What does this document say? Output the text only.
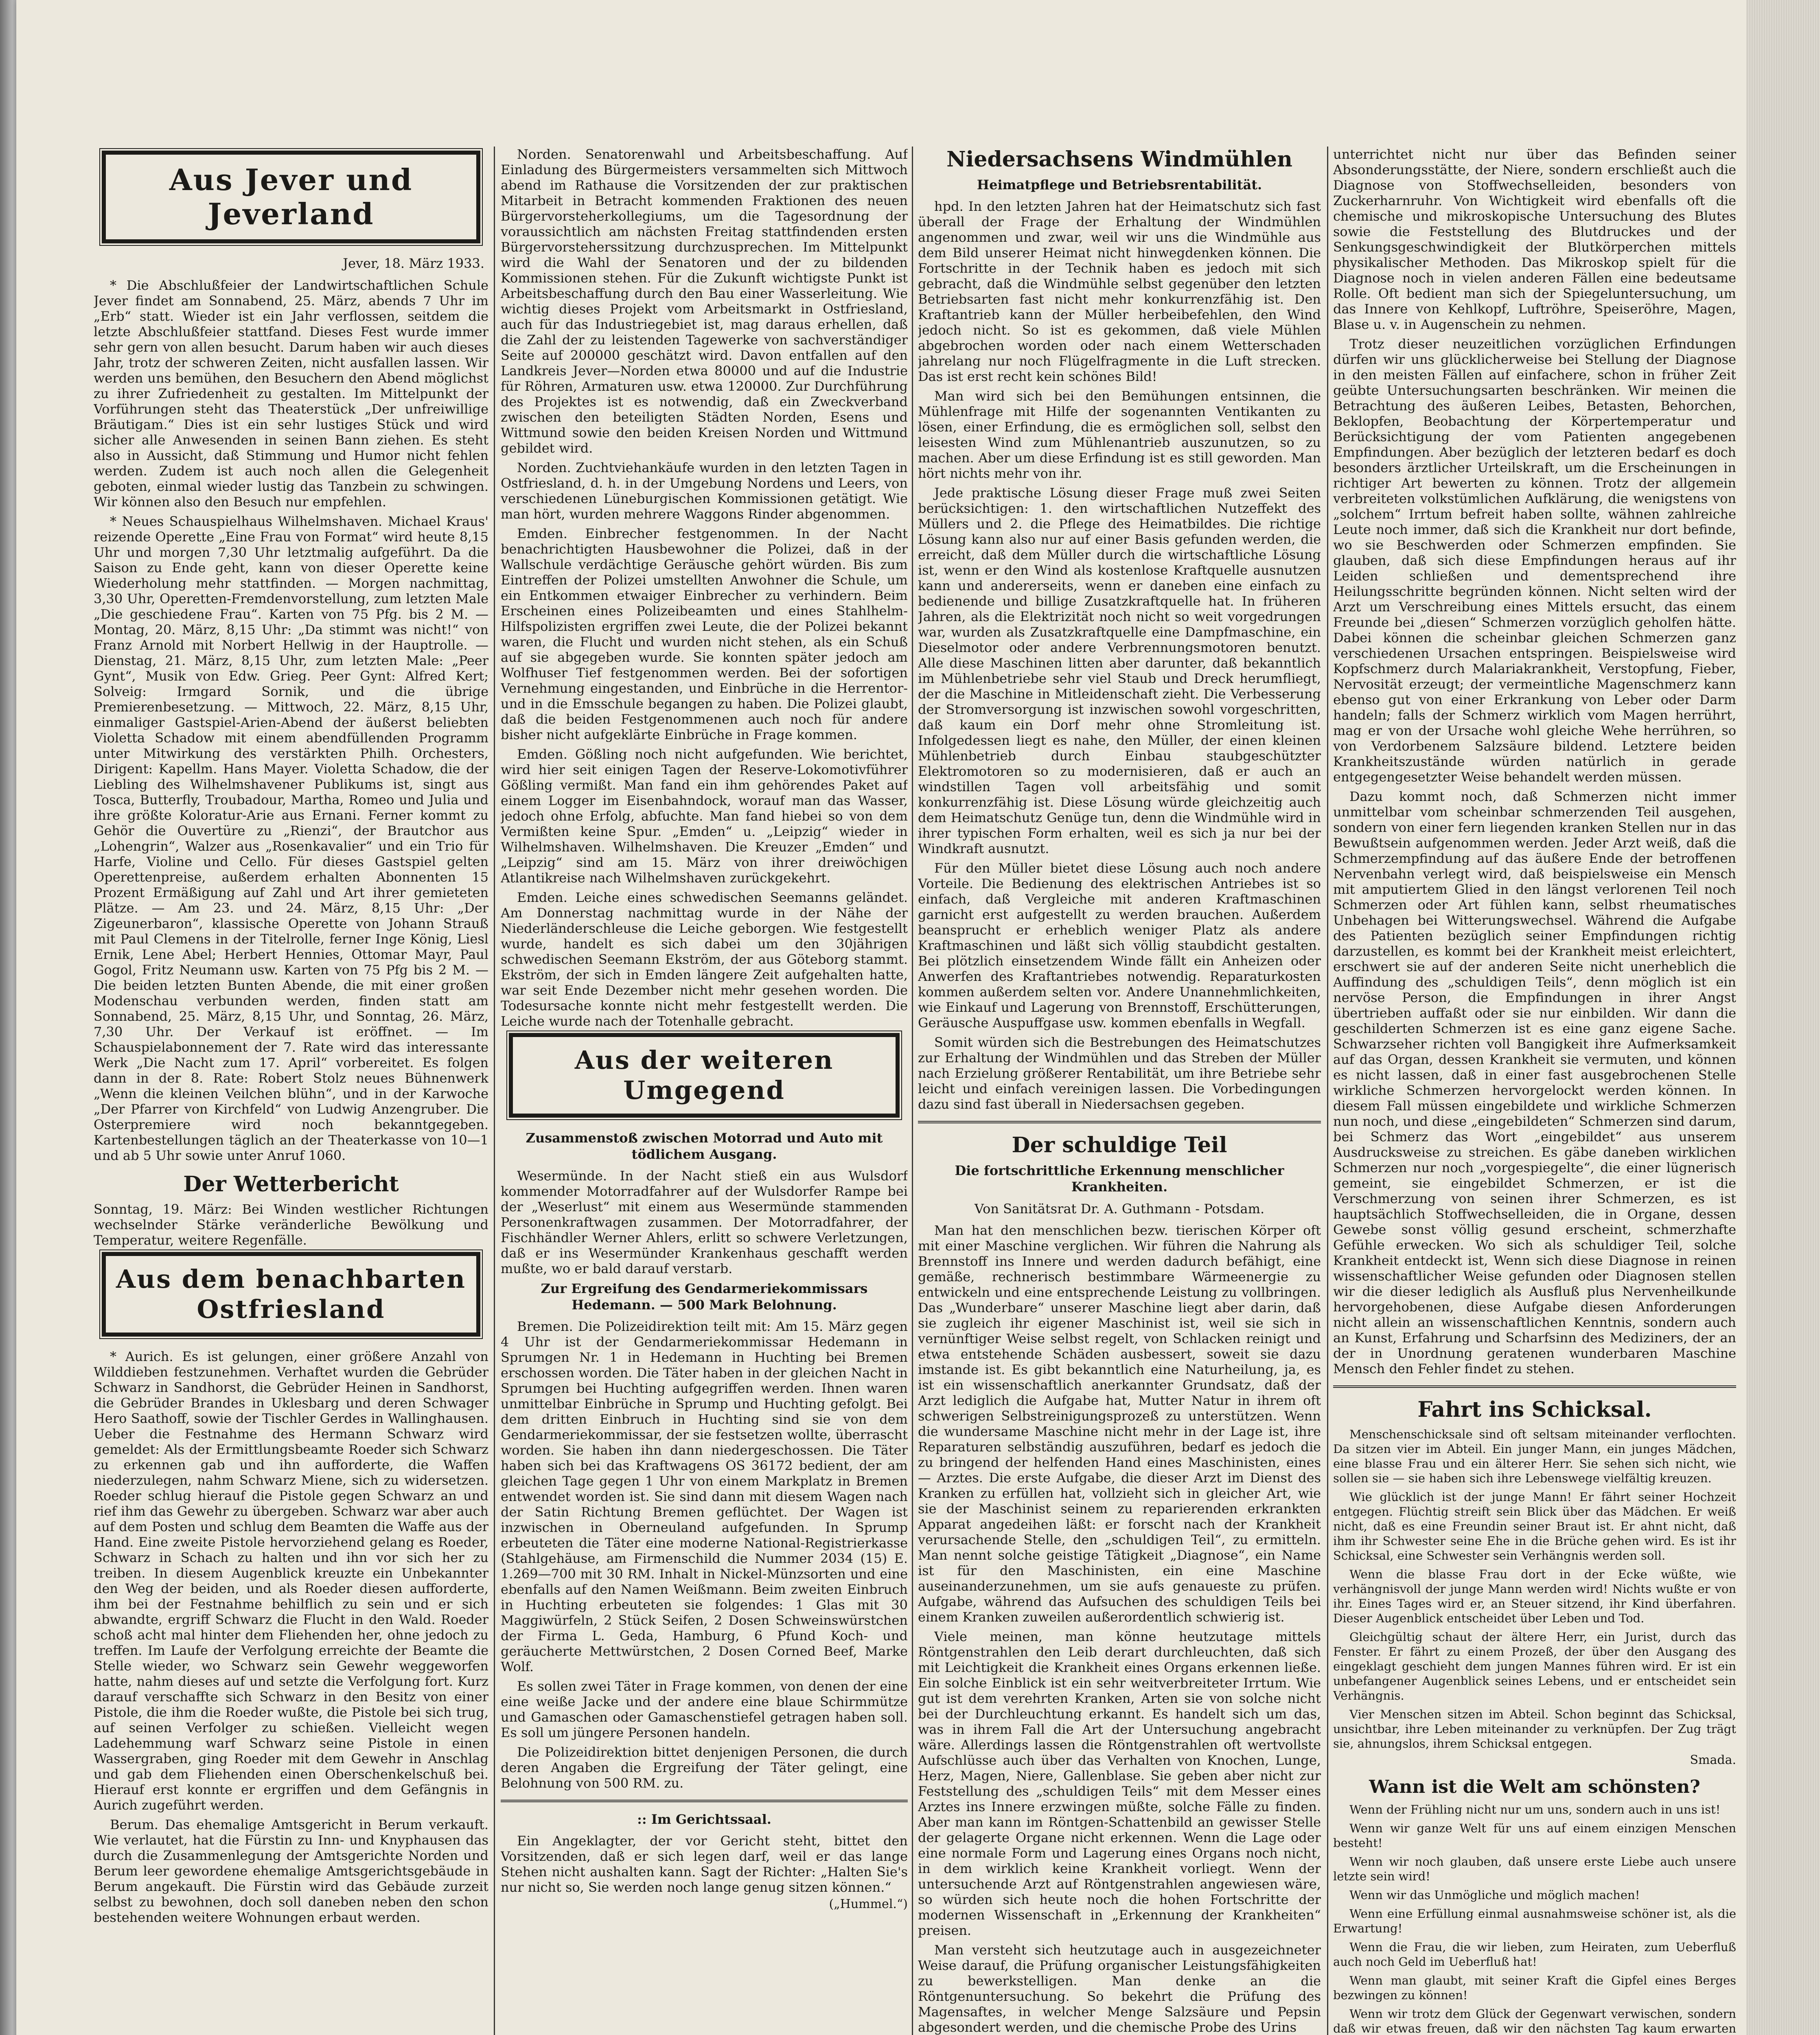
Aus Jever und Jeverland
Jever, 18. März 1933.

* Die Abschlußfeier der Landwirtschaftlichen Schule Jever findet am Sonnabend, 25. März, abends 7 Uhr im „Erb“ statt. Wieder ist ein Jahr verflossen, seitdem die letzte Abschlußfeier stattfand. Dieses Fest wurde immer sehr gern von allen besucht. Darum haben wir auch dieses Jahr, trotz der schweren Zeiten, nicht ausfallen lassen. Wir werden uns bemühen, den Besuchern den Abend möglichst zu ihrer Zufriedenheit zu gestalten. Im Mittelpunkt der Vorführungen steht das Theaterstück „Der unfreiwillige Bräutigam.“ Dies ist ein sehr lustiges Stück und wird sicher alle Anwesenden in seinen Bann ziehen. Es steht also in Aussicht, daß Stimmung und Humor nicht fehlen werden. Zudem ist auch noch allen die Gelegenheit geboten, einmal wieder lustig das Tanzbein zu schwingen. Wir können also den Besuch nur empfehlen.

* Neues Schauspielhaus Wilhelmshaven. Michael Kraus' reizende Operette „Eine Frau von Format“ wird heute 8,15 Uhr und morgen 7,30 Uhr letztmalig aufgeführt. Da die Saison zu Ende geht, kann von dieser Operette keine Wiederholung mehr stattfinden. — Morgen nachmittag, 3,30 Uhr, Operetten-Fremdenvorstellung, zum letzten Male „Die geschiedene Frau“. Karten von 75 Pfg. bis 2 M. — Montag, 20. März, 8,15 Uhr: „Da stimmt was nicht!“ von Franz Arnold mit Norbert Hellwig in der Hauptrolle. — Dienstag, 21. März, 8,15 Uhr, zum letzten Male: „Peer Gynt“, Musik von Edw. Grieg. Peer Gynt: Alfred Kert; Solveig: Irmgard Sornik, und die übrige Premierenbesetzung. — Mittwoch, 22. März, 8,15 Uhr, einmaliger Gastspiel-Arien-Abend der äußerst beliebten Violetta Schadow mit einem abendfüllenden Programm unter Mitwirkung des verstärkten Philh. Orchesters, Dirigent: Kapellm. Hans Mayer. Violetta Schadow, die der Liebling des Wilhelmshavener Publikums ist, singt aus Tosca, Butterfly, Troubadour, Martha, Romeo und Julia und ihre größte Koloratur-Arie aus Ernani. Ferner kommt zu Gehör die Ouvertüre zu „Rienzi“, der Brautchor aus „Lohengrin“, Walzer aus „Rosenkavalier“ und ein Trio für Harfe, Violine und Cello. Für dieses Gastspiel gelten Operettenpreise, außerdem erhalten Abonnenten 15 Prozent Ermäßigung auf Zahl und Art ihrer gemieteten Plätze. — Am 23. und 24. März, 8,15 Uhr: „Der Zigeunerbaron“, klassische Operette von Johann Strauß mit Paul Clemens in der Titelrolle, ferner Inge König, Liesl Ernik, Lene Abel; Herbert Hennies, Ottomar Mayr, Paul Gogol, Fritz Neumann usw. Karten von 75 Pfg bis 2 M. — Die beiden letzten Bunten Abende, die mit einer großen Modenschau verbunden werden, finden statt am Sonnabend, 25. März, 8,15 Uhr, und Sonntag, 26. März, 7,30 Uhr. Der Verkauf ist eröffnet. — Im Schauspielabonnement der 7. Rate wird das interessante Werk „Die Nacht zum 17. April“ vorbereitet. Es folgen dann in der 8. Rate: Robert Stolz neues Bühnenwerk „Wenn die kleinen Veilchen blühn“, und in der Karwoche „Der Pfarrer von Kirchfeld“ von Ludwig Anzengruber. Die Osterpremiere wird noch bekanntgegeben. Kartenbestellungen täglich an der Theaterkasse von 10—1 und ab 5 Uhr sowie unter Anruf 1060.

Der Wetterbericht

Sonntag, 19. März: Bei Winden westlicher Richtungen wechselnder Stärke veränderliche Bewölkung und Temperatur, weitere Regenfälle.

Aus dem benachbarten Ostfriesland

* Aurich. Es ist gelungen, einer größere Anzahl von Wilddieben festzunehmen. Verhaftet wurden die Gebrüder Schwarz in Sandhorst, die Gebrüder Heinen in Sandhorst, die Gebrüder Brandes in Uklesbarg und deren Schwager Hero Saathoff, sowie der Tischler Gerdes in Wallinghausen. Ueber die Festnahme des Hermann Schwarz wird gemeldet: Als der Ermittlungsbeamte Roeder sich Schwarz zu erkennen gab und ihn aufforderte, die Waffen niederzulegen, nahm Schwarz Miene, sich zu widersetzen. Roeder schlug hierauf die Pistole gegen Schwarz an und rief ihm das Gewehr zu übergeben. Schwarz war aber auch auf dem Posten und schlug dem Beamten die Waffe aus der Hand. Eine zweite Pistole hervorziehend gelang es Roeder, Schwarz in Schach zu halten und ihn vor sich her zu treiben. In diesem Augenblick kreuzte ein Unbekannter den Weg der beiden, und als Roeder diesen aufforderte, ihm bei der Festnahme behilflich zu sein und er sich abwandte, ergriff Schwarz die Flucht in den Wald. Roeder schoß acht mal hinter dem Fliehenden her, ohne jedoch zu treffen. Im Laufe der Verfolgung erreichte der Beamte die Stelle wieder, wo Schwarz sein Gewehr weggeworfen hatte, nahm dieses auf und setzte die Verfolgung fort. Kurz darauf verschaffte sich Schwarz in den Besitz von einer Pistole, die ihm die Roeder wußte, die Pistole bei sich trug, auf seinen Verfolger zu schießen. Vielleicht wegen Ladehemmung warf Schwarz seine Pistole in einen Wassergraben, ging Roeder mit dem Gewehr in Anschlag und gab dem Fliehenden einen Oberschenkelschuß bei. Hierauf erst konnte er ergriffen und dem Gefängnis in Aurich zugeführt werden.

Berum. Das ehemalige Amtsgericht in Berum verkauft. Wie verlautet, hat die Fürstin zu Inn- und Knyphausen das durch die Zusammenlegung der Amtsgerichte Norden und Berum leer gewordene ehemalige Amtsgerichtsgebäude in Berum angekauft. Die Fürstin wird das Gebäude zurzeit selbst zu bewohnen, doch soll daneben neben den schon bestehenden weitere Wohnungen erbaut werden.

Norden. Senatorenwahl und Arbeitsbeschaffung. Auf Einladung des Bürgermeisters versammelten sich Mittwoch abend im Rathause die Vorsitzenden der zur praktischen Mitarbeit in Betracht kommenden Fraktionen des neuen Bürgervorsteherkollegiums, um die Tagesordnung der voraussichtlich am nächsten Freitag stattfindenden ersten Bürgervorsteherssitzung durchzusprechen. Im Mittelpunkt wird die Wahl der Senatoren und der zu bildenden Kommissionen stehen. Für die Zukunft wichtigste Punkt ist Arbeitsbeschaffung durch den Bau einer Wasserleitung. Wie wichtig dieses Projekt vom Arbeitsmarkt in Ostfriesland, auch für das Industriegebiet ist, mag daraus erhellen, daß die Zahl der zu leistenden Tagewerke von sachverständiger Seite auf 200000 geschätzt wird. Davon entfallen auf den Landkreis Jever—Norden etwa 80000 und auf die Industrie für Röhren, Armaturen usw. etwa 120000. Zur Durchführung des Projektes ist es notwendig, daß ein Zweckverband zwischen den beteiligten Städten Norden, Esens und Wittmund sowie den beiden Kreisen Norden und Wittmund gebildet wird.

Norden. Zuchtviehankäufe wurden in den letzten Tagen in Ostfriesland, d. h. in der Umgebung Nordens und Leers, von verschiedenen Lüneburgischen Kommissionen getätigt. Wie man hört, wurden mehrere Waggons Rinder abgenommen.

Emden. Einbrecher festgenommen. In der Nacht benachrichtigten Hausbewohner die Polizei, daß in der Wallschule verdächtige Geräusche gehört würden. Bis zum Eintreffen der Polizei umstellten Anwohner die Schule, um ein Entkommen etwaiger Einbrecher zu verhindern. Beim Erscheinen eines Polizeibeamten und eines Stahlhelm-Hilfspolizisten ergriffen zwei Leute, die der Polizei bekannt waren, die Flucht und wurden nicht stehen, als ein Schuß auf sie abgegeben wurde. Sie konnten später jedoch am Wolfhuser Tief festgenommen werden. Bei der sofortigen Vernehmung eingestanden, und Einbrüche in die Herrentor- und in die Emsschule begangen zu haben. Die Polizei glaubt, daß die beiden Festgenommenen auch noch für andere bisher nicht aufgeklärte Einbrüche in Frage kommen.

Emden. Gößling noch nicht aufgefunden. Wie berichtet, wird hier seit einigen Tagen der Reserve-Lokomotivführer Gößling vermißt. Man fand ein ihm gehörendes Paket auf einem Logger im Eisenbahndock, worauf man das Wasser, jedoch ohne Erfolg, abfuchte. Man fand hiebei so von dem Vermißten keine Spur. „Emden“ u. „Leipzig“ wieder in Wilhelmshaven. Wilhelmshaven. Die Kreuzer „Emden“ und „Leipzig“ sind am 15. März von ihrer dreiwöchigen Atlantikreise nach Wilhelmshaven zurückgekehrt.

Emden. Leiche eines schwedischen Seemanns geländet. Am Donnerstag nachmittag wurde in der Nähe der Niederländerschleuse die Leiche geborgen. Wie festgestellt wurde, handelt es sich dabei um den 30jährigen schwedischen Seemann Ekström, der aus Göteborg stammt. Ekström, der sich in Emden längere Zeit aufgehalten hatte, war seit Ende Dezember nicht mehr gesehen worden. Die Todesursache konnte nicht mehr festgestellt werden. Die Leiche wurde nach der Totenhalle gebracht.

Aus der weiteren Umgegend
Zusammenstoß zwischen Motorrad und Auto mit tödlichem Ausgang.

Wesermünde. In der Nacht stieß ein aus Wulsdorf kommender Motorradfahrer auf der Wulsdorfer Rampe bei der „Weserlust“ mit einem aus Wesermünde stammenden Personenkraftwagen zusammen. Der Motorradfahrer, der Fischhändler Werner Ahlers, erlitt so schwere Verletzungen, daß er ins Wesermünder Krankenhaus geschafft werden mußte, wo er bald darauf verstarb.

Zur Ergreifung des Gendarmeriekommissars Hedemann. — 500 Mark Belohnung.

Bremen. Die Polizeidirektion teilt mit: Am 15. März gegen 4 Uhr ist der Gendarmeriekommissar Hedemann in Sprumgen Nr. 1 in Hedemann in Huchting bei Bremen erschossen worden. Die Täter haben in der gleichen Nacht in Sprumgen bei Huchting aufgegriffen werden. Ihnen waren unmittelbar Einbrüche in Sprump und Huchting gefolgt. Bei dem dritten Einbruch in Huchting sind sie von dem Gendarmeriekommissar, der sie festsetzen wollte, überrascht worden. Sie haben ihn dann niedergeschossen. Die Täter haben sich bei das Kraftwagens OS 36172 bedient, der am gleichen Tage gegen 1 Uhr von einem Markplatz in Bremen entwendet worden ist. Sie sind dann mit diesem Wagen nach der Satin Richtung Bremen geflüchtet. Der Wagen ist inzwischen in Oberneuland aufgefunden. In Sprump erbeuteten die Täter eine moderne National-Registrierkasse (Stahlgehäuse, am Firmenschild die Nummer 2034 (15) E. 1.269—700 mit 30 RM. Inhalt in Nickel-Münzsorten und eine ebenfalls auf den Namen Weißmann. Beim zweiten Einbruch in Huchting erbeuteten sie folgendes: 1 Glas mit 30 Maggiwürfeln, 2 Stück Seifen, 2 Dosen Schweinswürstchen der Firma L. Geda, Hamburg, 6 Pfund Koch- und geräucherte Mettwürstchen, 2 Dosen Corned Beef, Marke Wolf.

Es sollen zwei Täter in Frage kommen, von denen der eine eine weiße Jacke und der andere eine blaue Schirmmütze und Gamaschen oder Gamaschenstiefel getragen haben soll. Es soll um jüngere Personen handeln.

Die Polizeidirektion bittet denjenigen Personen, die durch deren Angaben die Ergreifung der Täter gelingt, eine Belohnung von 500 RM. zu.

:: Im Gerichtssaal.

Ein Angeklagter, der vor Gericht steht, bittet den Vorsitzenden, daß er sich legen darf, weil er das lange Stehen nicht aushalten kann. Sagt der Richter: „Halten Sie's nur nicht so, Sie werden noch lange genug sitzen können.“

(„Hummel.“)
Niedersachsens Windmühlen
Heimatpflege und Betriebsrentabilität.

hpd. In den letzten Jahren hat der Heimatschutz sich fast überall der Frage der Erhaltung der Windmühlen angenommen und zwar, weil wir uns die Windmühle aus dem Bild unserer Heimat nicht hinwegdenken können. Die Fortschritte in der Technik haben es jedoch mit sich gebracht, daß die Windmühle selbst gegenüber den letzten Betriebsarten fast nicht mehr konkurrenzfähig ist. Den Kraftantrieb kann der Müller herbeibefehlen, den Wind jedoch nicht. So ist es gekommen, daß viele Mühlen abgebrochen worden oder nach einem Wetterschaden jahrelang nur noch Flügelfragmente in die Luft strecken. Das ist erst recht kein schönes Bild!

Man wird sich bei den Bemühungen entsinnen, die Mühlenfrage mit Hilfe der sogenannten Ventikanten zu lösen, einer Erfindung, die es ermöglichen soll, selbst den leisesten Wind zum Mühlenantrieb auszunutzen, so zu machen. Aber um diese Erfindung ist es still geworden. Man hört nichts mehr von ihr.

Jede praktische Lösung dieser Frage muß zwei Seiten berücksichtigen: 1. den wirtschaftlichen Nutzeffekt des Müllers und 2. die Pflege des Heimatbildes. Die richtige Lösung kann also nur auf einer Basis gefunden werden, die erreicht, daß dem Müller durch die wirtschaftliche Lösung ist, wenn er den Wind als kostenlose Kraftquelle ausnutzen kann und andererseits, wenn er daneben eine einfach zu bedienende und billige Zusatzkraftquelle hat. In früheren Jahren, als die Elektrizität noch nicht so weit vorgedrungen war, wurden als Zusatzkraftquelle eine Dampfmaschine, ein Dieselmotor oder andere Verbrennungsmotoren benutzt. Alle diese Maschinen litten aber darunter, daß bekanntlich im Mühlenbetriebe sehr viel Staub und Dreck herumfliegt, der die Maschine in Mitleidenschaft zieht. Die Verbesserung der Stromversorgung ist inzwischen sowohl vorgeschritten, daß kaum ein Dorf mehr ohne Stromleitung ist. Infolgedessen liegt es nahe, den Müller, der einen kleinen Mühlenbetrieb durch Einbau staubgeschützter Elektromotoren so zu modernisieren, daß er auch an windstillen Tagen voll arbeitsfähig und somit konkurrenzfähig ist. Diese Lösung würde gleichzeitig auch dem Heimatschutz Genüge tun, denn die Windmühle wird in ihrer typischen Form erhalten, weil es sich ja nur bei der Windkraft ausnutzt.

Für den Müller bietet diese Lösung auch noch andere Vorteile. Die Bedienung des elektrischen Antriebes ist so einfach, daß Vergleiche mit anderen Kraftmaschinen garnicht erst aufgestellt zu werden brauchen. Außerdem beansprucht er erheblich weniger Platz als andere Kraftmaschinen und läßt sich völlig staubdicht gestalten. Bei plötzlich einsetzendem Winde fällt ein Anheizen oder Anwerfen des Kraftantriebes notwendig. Reparaturkosten kommen außerdem selten vor. Andere Unannehmlichkeiten, wie Einkauf und Lagerung von Brennstoff, Erschütterungen, Geräusche Auspuffgase usw. kommen ebenfalls in Wegfall.

Somit würden sich die Bestrebungen des Heimatschutzes zur Erhaltung der Windmühlen und das Streben der Müller nach Erzielung größerer Rentabilität, um ihre Betriebe sehr leicht und einfach vereinigen lassen. Die Vorbedingungen dazu sind fast überall in Niedersachsen gegeben.

Der schuldige Teil
Die fortschrittliche Erkennung menschlicher Krankheiten.
Von Sanitätsrat Dr. A. Guthmann - Potsdam.

Man hat den menschlichen bezw. tierischen Körper oft mit einer Maschine verglichen. Wir führen die Nahrung als Brennstoff ins Innere und werden dadurch befähigt, eine gemäße, rechnerisch bestimmbare Wärmeenergie zu entwickeln und eine entsprechende Leistung zu vollbringen. Das „Wunderbare“ unserer Maschine liegt aber darin, daß sie zugleich ihr eigener Maschinist ist, weil sie sich in vernünftiger Weise selbst regelt, von Schlacken reinigt und etwa entstehende Schäden ausbessert, soweit sie dazu imstande ist. Es gibt bekanntlich eine Naturheilung, ja, es ist ein wissenschaftlich anerkannter Grundsatz, daß der Arzt lediglich die Aufgabe hat, Mutter Natur in ihrem oft schwerigen Selbstreinigungsprozeß zu unterstützen. Wenn die wundersame Maschine nicht mehr in der Lage ist, ihre Reparaturen selbständig auszuführen, bedarf es jedoch die zu bringend der helfenden Hand eines Maschinisten, eines — Arztes. Die erste Aufgabe, die dieser Arzt im Dienst des Kranken zu erfüllen hat, vollzieht sich in gleicher Art, wie sie der Maschinist seinem zu reparierenden erkrankten Apparat angedeihen läßt: er forscht nach der Krankheit verursachende Stelle, den „schuldigen Teil“, zu ermitteln. Man nennt solche geistige Tätigkeit „Diagnose“, ein Name ist für den Maschinisten, ein eine Maschine auseinanderzunehmen, um sie aufs genaueste zu prüfen. Aufgabe, während das Aufsuchen des schuldigen Teils bei einem Kranken zuweilen außerordentlich schwierig ist.

Viele meinen, man könne heutzutage mittels Röntgenstrahlen den Leib derart durchleuchten, daß sich mit Leichtigkeit die Krankheit eines Organs erkennen ließe. Ein solche Einblick ist ein sehr weitverbreiteter Irrtum. Wie gut ist dem verehrten Kranken, Arten sie von solche nicht bei der Durchleuchtung erkannt. Es handelt sich um das, was in ihrem Fall die Art der Untersuchung angebracht wäre. Allerdings lassen die Röntgenstrahlen oft wertvollste Aufschlüsse auch über das Verhalten von Knochen, Lunge, Herz, Magen, Niere, Gallenblase. Sie geben aber nicht zur Feststellung des „schuldigen Teils“ mit dem Messer eines Arztes ins Innere erzwingen müßte, solche Fälle zu finden. Aber man kann im Röntgen-Schattenbild an gewisser Stelle der gelagerte Organe nicht erkennen. Wenn die Lage oder eine normale Form und Lagerung eines Organs noch nicht, in dem wirklich keine Krankheit vorliegt. Wenn der untersuchende Arzt auf Röntgenstrahlen angewiesen wäre, so würden sich heute noch die hohen Fortschritte der modernen Wissenschaft in „Erkennung der Krankheiten“ preisen.

Man versteht sich heutzutage auch in ausgezeichneter Weise darauf, die Prüfung organischer Leistungsfähigkeiten zu bewerkstelligen. Man denke an die Röntgenuntersuchung. So bekehrt die Prüfung des Magensaftes, in welcher Menge Salzsäure und Pepsin abgesondert werden, und die chemische Probe des Urins

unterrichtet nicht nur über das Befinden seiner Absonderungsstätte, der Niere, sondern erschließt auch die Diagnose von Stoffwechselleiden, besonders von Zuckerharnruhr. Von Wichtigkeit wird ebenfalls oft die chemische und mikroskopische Untersuchung des Blutes sowie die Feststellung des Blutdruckes und der Senkungsgeschwindigkeit der Blutkörperchen mittels physikalischer Methoden. Das Mikroskop spielt für die Diagnose noch in vielen anderen Fällen eine bedeutsame Rolle. Oft bedient man sich der Spiegeluntersuchung, um das Innere von Kehlkopf, Luftröhre, Speiseröhre, Magen, Blase u. v. in Augenschein zu nehmen.

Trotz dieser neuzeitlichen vorzüglichen Erfindungen dürfen wir uns glücklicherweise bei Stellung der Diagnose in den meisten Fällen auf einfachere, schon in früher Zeit geübte Untersuchungsarten beschränken. Wir meinen die Betrachtung des äußeren Leibes, Betasten, Behorchen, Beklopfen, Beobachtung der Körpertemperatur und Berücksichtigung der vom Patienten angegebenen Empfindungen. Aber bezüglich der letzteren bedarf es doch besonders ärztlicher Urteilskraft, um die Erscheinungen in richtiger Art bewerten zu können. Trotz der allgemein verbreiteten volkstümlichen Aufklärung, die wenigstens von „solchem“ Irrtum befreit haben sollte, wähnen zahlreiche Leute noch immer, daß sich die Krankheit nur dort befinde, wo sie Beschwerden oder Schmerzen empfinden. Sie glauben, daß sich diese Empfindungen heraus auf ihr Leiden schließen und dementsprechend ihre Heilungsschritte begründen können. Nicht selten wird der Arzt um Verschreibung eines Mittels ersucht, das einem Freunde bei „diesen“ Schmerzen vorzüglich geholfen hätte. Dabei können die scheinbar gleichen Schmerzen ganz verschiedenen Ursachen entspringen. Beispielsweise wird Kopfschmerz durch Malariakrankheit, Verstopfung, Fieber, Nervosität erzeugt; der vermeintliche Magenschmerz kann ebenso gut von einer Erkrankung von Leber oder Darm handeln; falls der Schmerz wirklich vom Magen herrührt, mag er von der Ursache wohl gleiche Wehe herrühren, so von Verdorbenem Salzsäure bildend. Letztere beiden Krankheitszustände würden natürlich in gerade entgegengesetzter Weise behandelt werden müssen.

Dazu kommt noch, daß Schmerzen nicht immer unmittelbar vom scheinbar schmerzenden Teil ausgehen, sondern von einer fern liegenden kranken Stellen nur in das Bewußtsein aufgenommen werden. Jeder Arzt weiß, daß die Schmerzempfindung auf das äußere Ende der betroffenen Nervenbahn verlegt wird, daß beispielsweise ein Mensch mit amputiertem Glied in den längst verlorenen Teil noch Schmerzen oder Art fühlen kann, selbst rheumatisches Unbehagen bei Witterungswechsel. Während die Aufgabe des Patienten bezüglich seiner Empfindungen richtig darzustellen, es kommt bei der Krankheit meist erleichtert, erschwert sie auf der anderen Seite nicht unerheblich die Auffindung des „schuldigen Teils“, denn möglich ist ein nervöse Person, die Empfindungen in ihrer Angst übertrieben auffaßt oder sie nur einbilden. Wir dann die geschilderten Schmerzen ist es eine ganz eigene Sache. Schwarzseher richten voll Bangigkeit ihre Aufmerksamkeit auf das Organ, dessen Krankheit sie vermuten, und können es nicht lassen, daß in einer fast ausgebrochenen Stelle wirkliche Schmerzen hervorgelockt werden können. In diesem Fall müssen eingebildete und wirkliche Schmerzen nun noch, und diese „eingebildeten“ Schmerzen sind darum, bei Schmerz das Wort „eingebildet“ aus unserem Ausdrucksweise zu streichen. Es gäbe daneben wirklichen Schmerzen nur noch „vorgespiegelte“, die einer lügnerisch gemeint, sie eingebildet Schmerzen, er ist die Verschmerzung von seinen ihrer Schmerzen, es ist hauptsächlich Stoffwechselleiden, die in Organe, dessen Gewebe sonst völlig gesund erscheint, schmerzhafte Gefühle erwecken. Wo sich als schuldiger Teil, solche Krankheit entdeckt ist, Wenn sich diese Diagnose in reinen wissenschaftlicher Weise gefunden oder Diagnosen stellen wir die dieser lediglich als Ausfluß plus Nervenheilkunde hervorgehobenen, diese Aufgabe diesen Anforderungen nicht allein an wissenschaftlichen Kenntnis, sondern auch an Kunst, Erfahrung und Scharfsinn des Mediziners, der an der in Unordnung geratenen wunderbaren Maschine Mensch den Fehler findet zu stehen.

Fahrt ins Schicksal.

Menschenschicksale sind oft seltsam miteinander verflochten. Da sitzen vier im Abteil. Ein junger Mann, ein junges Mädchen, eine blasse Frau und ein älterer Herr. Sie sehen sich nicht, wie sollen sie — sie haben sich ihre Lebenswege vielfältig kreuzen.

Wie glücklich ist der junge Mann! Er fährt seiner Hochzeit entgegen. Flüchtig streift sein Blick über das Mädchen. Er weiß nicht, daß es eine Freundin seiner Braut ist. Er ahnt nicht, daß ihm ihr Schwester seine Ehe in die Brüche gehen wird. Es ist ihr Schicksal, eine Schwester sein Verhängnis werden soll.

Wenn die blasse Frau dort in der Ecke wüßte, wie verhängnisvoll der junge Mann werden wird! Nichts wußte er von ihr. Eines Tages wird er, an Steuer sitzend, ihr Kind überfahren. Dieser Augenblick entscheidet über Leben und Tod.

Gleichgültig schaut der ältere Herr, ein Jurist, durch das Fenster. Er fährt zu einem Prozeß, der über den Ausgang des eingeklagt geschieht dem jungen Mannes führen wird. Er ist ein unbefangener Augenblick seines Lebens, und er entscheidet sein Verhängnis.

Vier Menschen sitzen im Abteil. Schon beginnt das Schicksal, unsichtbar, ihre Leben miteinander zu verknüpfen. Der Zug trägt sie, ahnungslos, ihrem Schicksal entgegen.

Smada.
Wann ist die Welt am schönsten?

Wenn der Frühling nicht nur um uns, sondern auch in uns ist!

Wenn wir ganze Welt für uns auf einem einzigen Menschen besteht!

Wenn wir noch glauben, daß unsere erste Liebe auch unsere letzte sein wird!

Wenn wir das Unmögliche und möglich machen!

Wenn eine Erfüllung einmal ausnahmsweise schöner ist, als die Erwartung!

Wenn die Frau, die wir lieben, zum Heiraten, zum Ueberfluß auch noch Geld im Ueberfluß hat!

Wenn man glaubt, mit seiner Kraft die Gipfel eines Berges bezwingen zu können!

Wenn wir trotz dem Glück der Gegenwart verwischen, sondern daß wir etwas freuen, daß wir den nächsten Tag kaum erwarten
